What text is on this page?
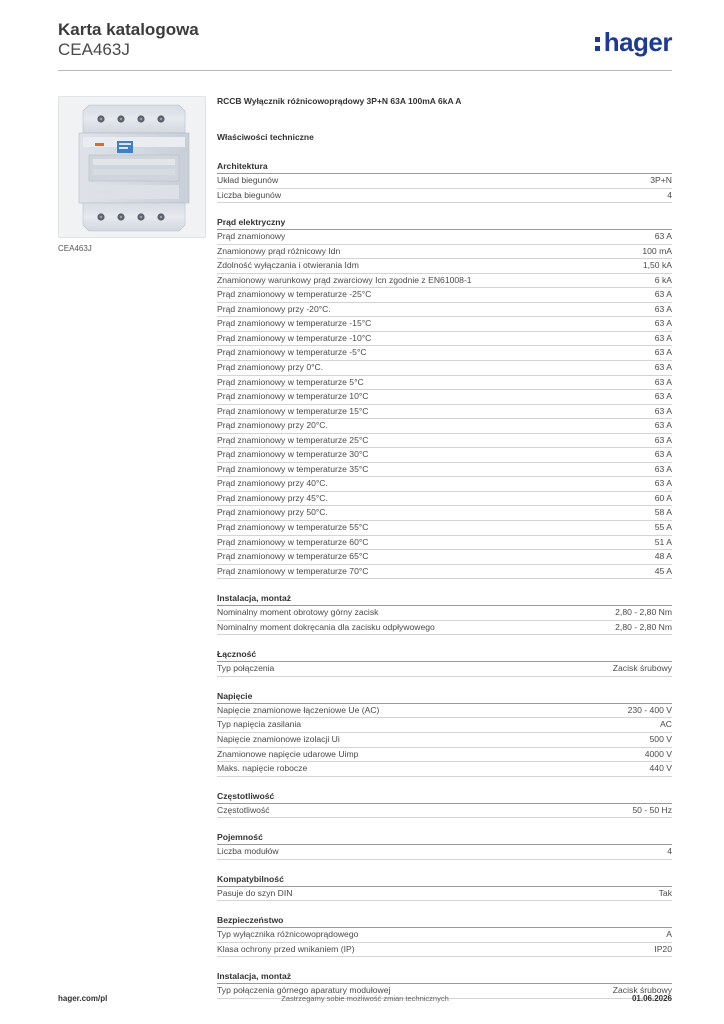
Karta katalogowa
CEA463J	hager
CEA463J
RCCB Wyłącznik różnicowoprądowy 3P+N 63A 100mA 6kA A
Właściwości techniczne
Architektura
Układ biegunów	3P+N
Liczba biegunów	4
Prąd elektryczny
Prąd znamionowy	63 A
Znamionowy prąd różnicowy Idn	100 mA
Zdolność wyłączania i otwierania Idm	1,50 kA
Znamionowy warunkowy prąd zwarciowy Icn zgodnie z EN61008-1	6 kA
Prąd znamionowy w temperaturze -25°C	63 A
Prąd znamionowy przy -20°C.	63 A
Prąd znamionowy w temperaturze -15°C	63 A
Prąd znamionowy w temperaturze -10°C	63 A
Prąd znamionowy w temperaturze -5°C	63 A
Prąd znamionowy przy 0°C.	63 A
Prąd znamionowy w temperaturze 5°C	63 A
Prąd znamionowy w temperaturze 10°C	63 A
Prąd znamionowy w temperaturze 15°C	63 A
Prąd znamionowy przy 20°C.	63 A
Prąd znamionowy w temperaturze 25°C	63 A
Prąd znamionowy w temperaturze 30°C	63 A
Prąd znamionowy w temperaturze 35°C	63 A
Prąd znamionowy przy 40°C.	63 A
Prąd znamionowy przy 45°C.	60 A
Prąd znamionowy przy 50°C.	58 A
Prąd znamionowy w temperaturze 55°C	55 A
Prąd znamionowy w temperaturze 60°C	51 A
Prąd znamionowy w temperaturze 65°C	48 A
Prąd znamionowy w temperaturze 70°C	45 A
Instalacja, montaż
Nominalny moment obrotowy górny zacisk	2,80 - 2,80 Nm
Nominalny moment dokręcania dla zacisku odpływowego	2,80 - 2,80 Nm
Łączność
Typ połączenia	Zacisk śrubowy
Napięcie
Napięcie znamionowe łączeniowe Ue (AC)	230 - 400 V
Typ napięcia zasilania	AC
Napięcie znamionowe izolacji Ui	500 V
Znamionowe napięcie udarowe Uimp	4000 V
Maks. napięcie robocze	440 V
Częstotliwość
Częstotliwość	50 - 50 Hz
Pojemność
Liczba modułów	4
Kompatybilność
Pasuje do szyn DIN	Tak
Bezpieczeństwo
Typ wyłącznika różnicowoprądowego	A
Klasa ochrony przed wnikaniem (IP)	IP20
Instalacja, montaż
Typ połączenia górnego aparatury modułowej	Zacisk śrubowy
hager.com/pl	Zastrzegamy sobie możliwość zmian technicznych	01.06.2026
